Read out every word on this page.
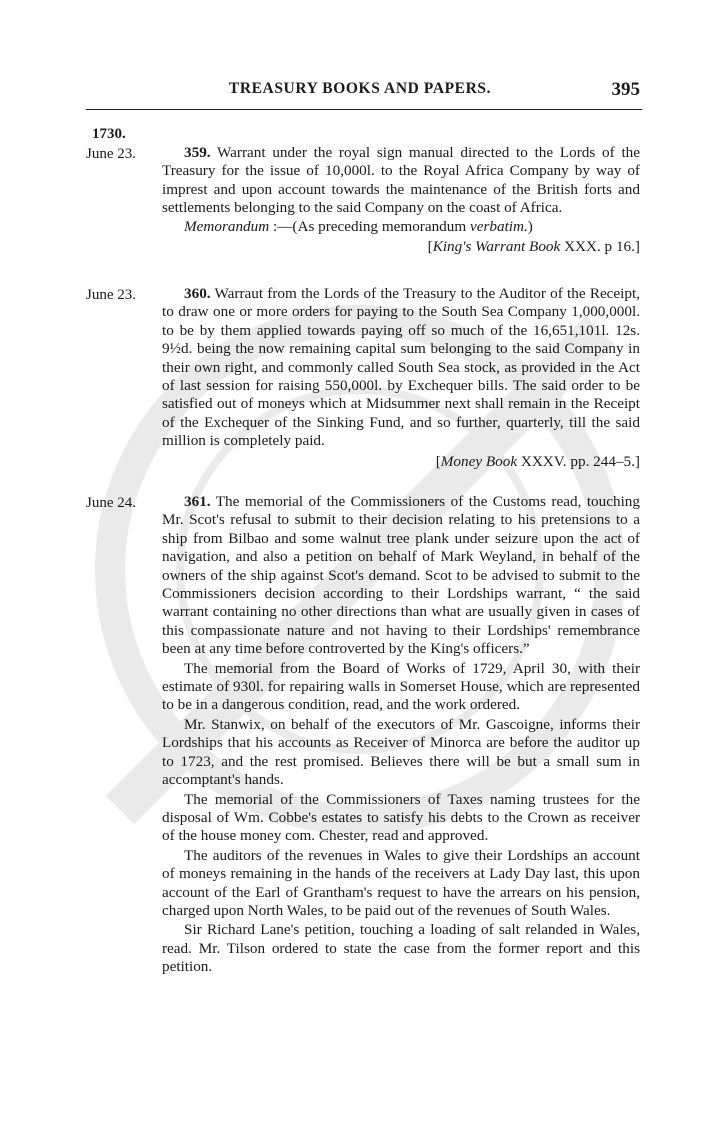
TREASURY BOOKS AND PAPERS.	395
1730.
June 23.	359. Warrant under the royal sign manual directed to the Lords of the Treasury for the issue of 10,000l. to the Royal Africa Company by way of imprest and upon account towards the maintenance of the British forts and settlements belonging to the said Company on the coast of Africa.

Memorandum :—(As preceding memorandum verbatim.)

[King's Warrant Book XXX. p 16.]
June 23.	360. Warraut from the Lords of the Treasury to the Auditor of the Receipt, to draw one or more orders for paying to the South Sea Company 1,000,000l. to be by them applied towards paying off so much of the 16,651,101l. 12s. 9½d. being the now remaining capital sum belonging to the said Company in their own right, and commonly called South Sea stock, as provided in the Act of last session for raising 550,000l. by Exchequer bills. The said order to be satisfied out of moneys which at Midsummer next shall remain in the Receipt of the Exchequer of the Sinking Fund, and so further, quarterly, till the said million is completely paid.

[Money Book XXXV. pp. 244–5.]
June 24.	361. The memorial of the Commissioners of the Customs read, touching Mr. Scot's refusal to submit to their decision relating to his pretensions to a ship from Bilbao and some walnut tree plank under seizure upon the act of navigation, and also a petition on behalf of Mark Weyland, in behalf of the owners of the ship against Scot's demand. Scot to be advised to submit to the Commissioners decision according to their Lordships warrant, “ the said warrant containing no other directions than what are usually given in cases of this compassionate nature and not having to their Lordships' remembrance been at any time before controverted by the King's officers.”

The memorial from the Board of Works of 1729, April 30, with their estimate of 930l. for repairing walls in Somerset House, which are represented to be in a dangerous condition, read, and the work ordered.

Mr. Stanwix, on behalf of the executors of Mr. Gascoigne, informs their Lordships that his accounts as Receiver of Minorca are before the auditor up to 1723, and the rest promised. Believes there will be but a small sum in accomptant's hands.

The memorial of the Commissioners of Taxes naming trustees for the disposal of Wm. Cobbe's estates to satisfy his debts to the Crown as receiver of the house money com. Chester, read and approved.

The auditors of the revenues in Wales to give their Lordships an account of moneys remaining in the hands of the receivers at Lady Day last, this upon account of the Earl of Grantham's request to have the arrears on his pension, charged upon North Wales, to be paid out of the revenues of South Wales.

Sir Richard Lane's petition, touching a loading of salt relanded in Wales, read. Mr. Tilson ordered to state the case from the former report and this petition.
